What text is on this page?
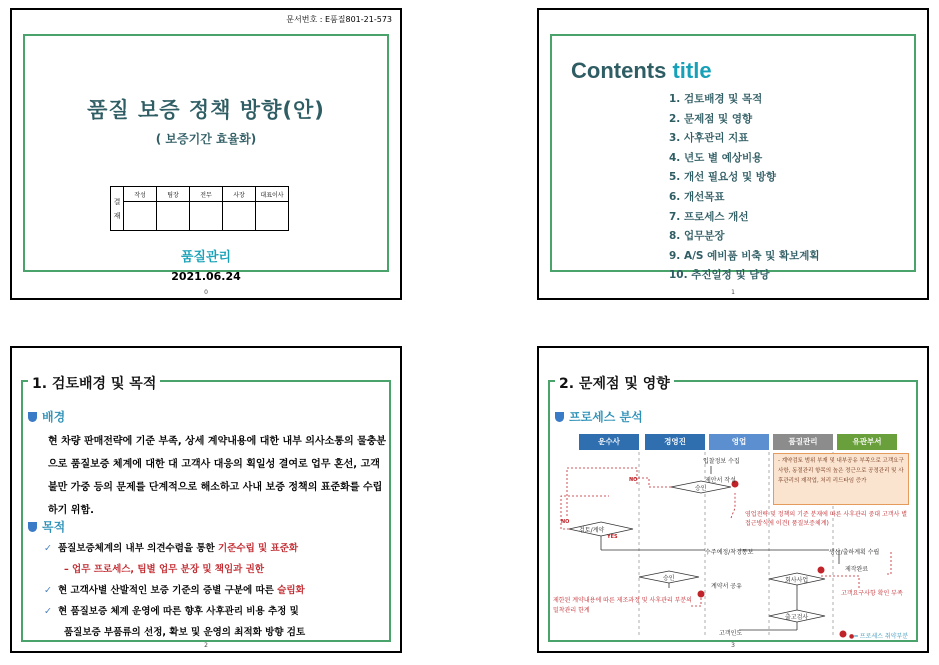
문서번호 : E품질801-21-573
품질 보증 정책 방향(안)
( 보증기간 효율화)
결
재	작성	팀장	전무	사장	대표이사

품질관리
2021.06.24
0
Contents title
1. 검토배경 및 목적
2. 문제점 및 영향
3. 사후관리 지표
4. 년도 별 예상비용
5. 개선 필요성 및 방향
6. 개선목표
7. 프로세스 개선
8. 업무분장
9. A/S 예비품 비축 및 확보계획
10. 추진일정 및 담당
1
1. 검토배경 및 목적
배경
현 차량 판매전략에 기준 부족, 상세 계약내용에 대한 내부 의사소통의 물충분으로 품질보증 체계에 대한 대 고객사 대응의 획일성 결여로 업무 혼선, 고객 불만 가중 등의 문제를 단계적으로 해소하고 사내 보증 정책의 표준화를 수립하기 위함.
목적
✓ 품질보증체계의 내부 의견수렴을 통한 기준수립 및 표준화
– 업무 프로세스, 팀별 업무 분장 및 책임과 권한
✓ 현 고객사별 산발적인 보증 기준의 증별 구분에 따른 슬림화
✓ 현 품질보증 체계 운영에 따른 향후 사후관리 비용 추정 및
품질보증 부품류의 선정, 확보 및 운영의 최적화 방향 검토
2
2. 문제점 및 영향
프로세스 분석
운수사	경영진	영업	품질관리	유관부서
입찰정보 수집
제안서 작성
승인
NO
검토/계약
NO
YES
수주예정/착정통보	생산/출하계획 수립
제작완료
승인
계약서 공유
회사사업
고객요구사항 확인 부족
출고검사
고객인도
영업전략 및 정책의 기준 분재에 따른 사후관리 중대 고객사 별 접근방식에 이견( 품질보증체계)
제한된 계약내용에 따른 제조과정 및 사후관리 부분의 밀착관리 한계
- 계약검토 범위 부재 및 내부공유 부족으로 고객요구 사항, 동절관리 항목의 높은 정근으로 공정관리 및 사후관리의 재작업, 처리 리드타임 증가
●━ 프로세스 취약부분
3
